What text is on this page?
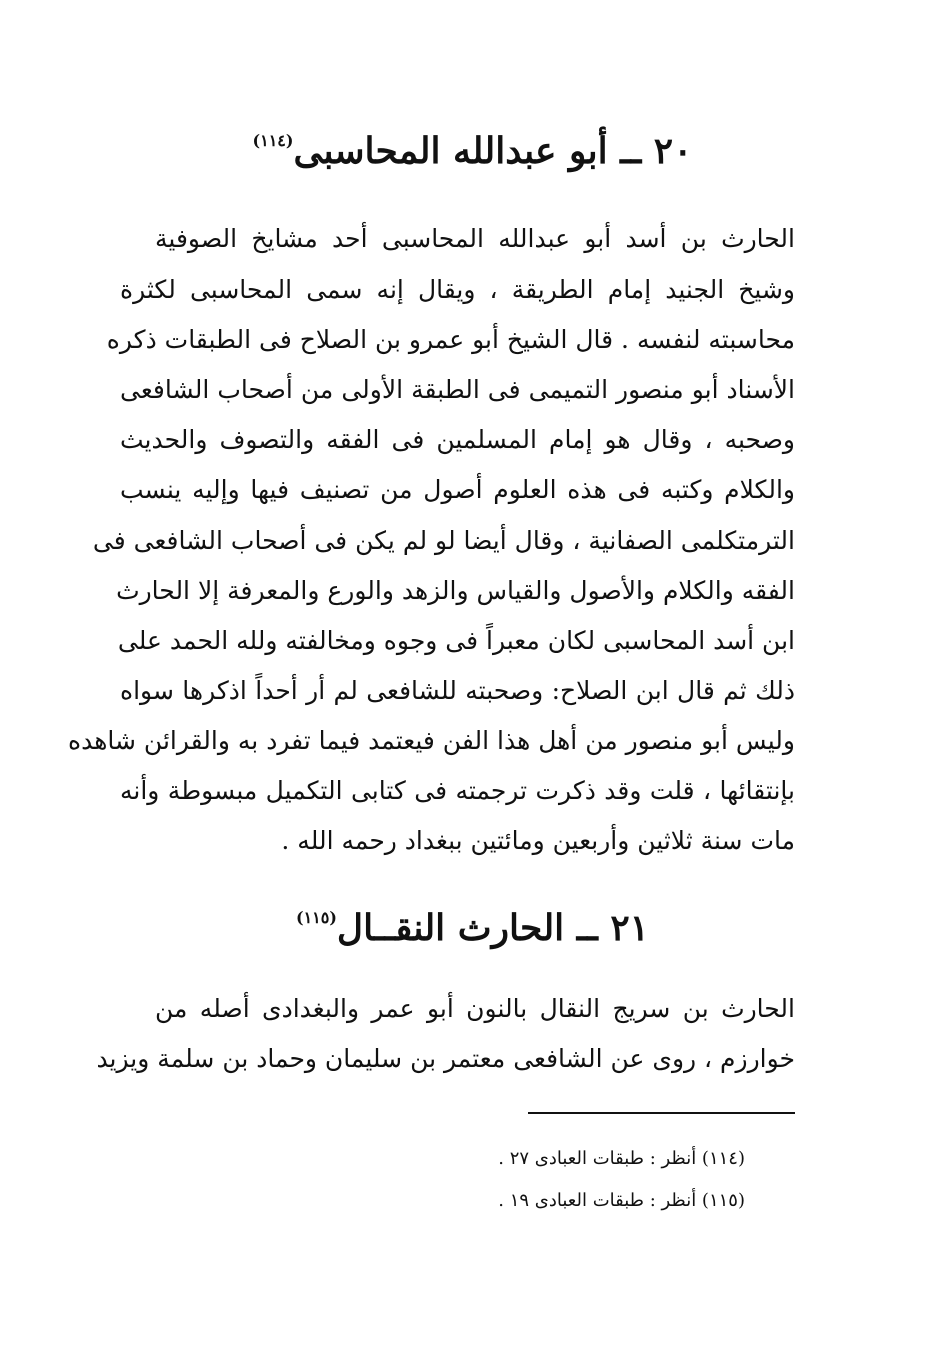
٢٠ ــ أبو عبدالله المحاسبى$^{(١١٤)}$
الحارث بن أسد أبو عبدالله المحاسبى أحد مشايخ الصوفية
وشيخ الجنيد إمام الطريقة ، ويقال إنه سمى المحاسبى لكثرة
محاسبته لنفسه . قال الشيخ أبو عمرو بن الصلاح فى الطبقات ذكره
الأسناد أبو منصور التميمى فى الطبقة الأولى من أصحاب الشافعى
وصحبه ، وقال هو إمام المسلمين فى الفقه والتصوف والحديث
والكلام وكتبه فى هذه العلوم أصول من تصنيف فيها وإليه ينسب
الترمتكلمى الصفانية ، وقال أيضا لو لم يكن فى أصحاب الشافعى فى
الفقه والكلام والأصول والقياس والزهد والورع والمعرفة إلا الحارث
ابن أسد المحاسبى لكان معبراً فى وجوه ومخالفته ولله الحمد على
ذلك ثم قال ابن الصلاح: وصحبته للشافعى لم أر أحداً اذكرها سواه
وليس أبو منصور من أهل هذا الفن فيعتمد فيما تفرد به والقرائن شاهده
بإنتقائها ، قلت وقد ذكرت ترجمته فى كتابى التكميل مبسوطة وأنه
مات سنة ثلاثين وأربعين ومائتين ببغداد رحمه الله .
٢١ ــ الحارث النقــال$^{(١١٥)}$
الحارث بن سريج النقال بالنون أبو عمر والبغدادى أصله من
خوارزم ، روى عن الشافعى معتمر بن سليمان وحماد بن سلمة ويزيد
(١١٤) أنظر : طبقات العبادى ٢٧ .
(١١٥) أنظر : طبقات العبادى ١٩ .
